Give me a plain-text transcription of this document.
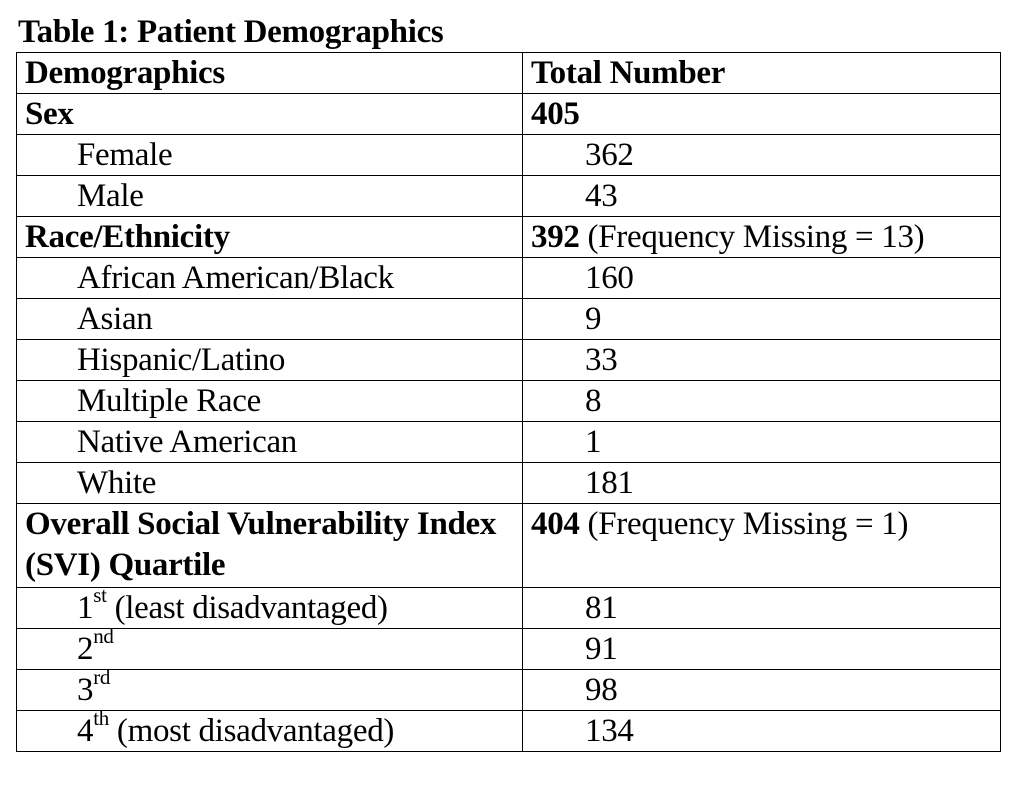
Table 1: Patient Demographics
Demographics	Total Number
Sex	405
Female	362
Male	43
Race/Ethnicity	392 (Frequency Missing = 13)
African American/Black	160
Asian	9
Hispanic/Latino	33
Multiple Race	8
Native American	1
White	181
Overall Social Vulnerability Index (SVI) Quartile	404 (Frequency Missing = 1)
1st (least disadvantaged)	81
2nd	91
3rd	98
4th (most disadvantaged)	134
